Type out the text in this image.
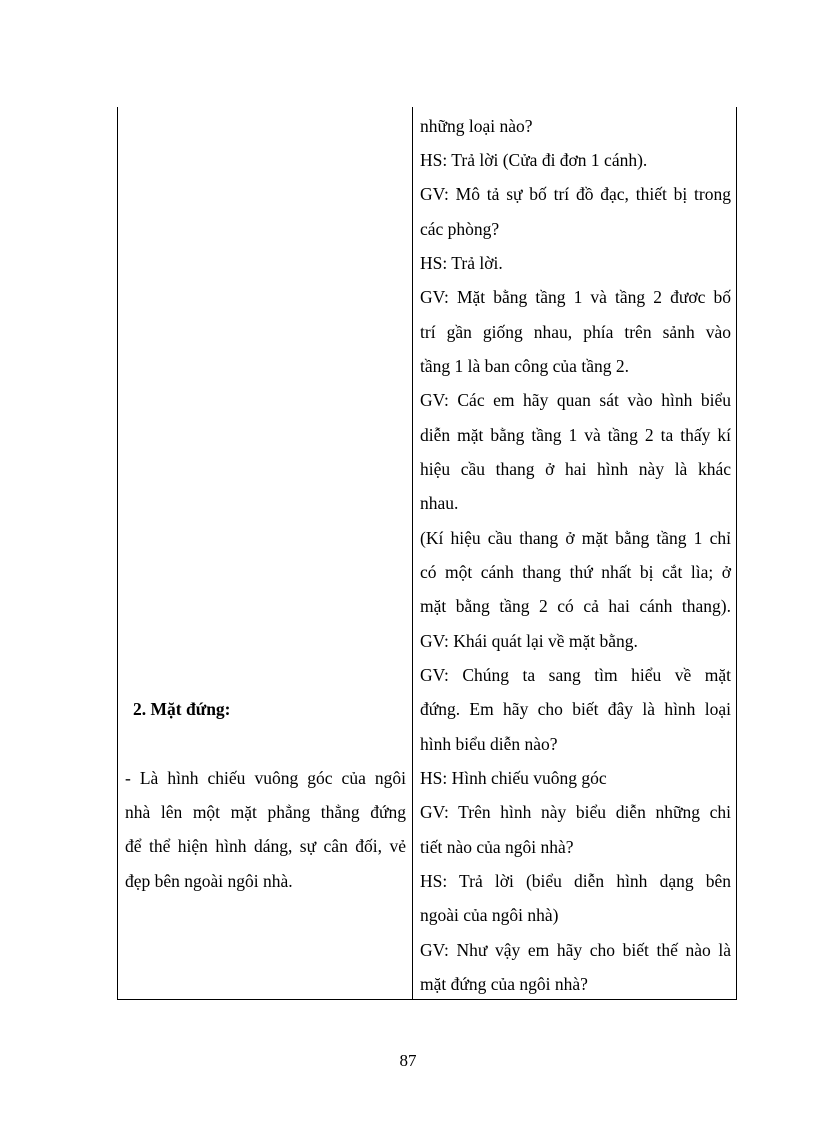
2. Mặt đứng:
- Là hình chiếu vuông góc của ngôi
nhà lên một mặt phẳng thẳng đứng
để thể hiện hình dáng, sự cân đối, vẻ
đẹp bên ngoài ngôi nhà.
những loại nào?
HS: Trả lời (Cửa đi đơn 1 cánh).
GV: Mô tả sự bố trí đồ đạc, thiết bị trong
các phòng?
HS: Trả lời.
GV: Mặt bằng tầng 1 và tầng 2 đươc bố
trí gần giống nhau, phía trên sảnh vào
tầng 1 là ban công của tầng 2.
GV: Các em hãy quan sát vào hình biểu
diễn mặt bằng tầng 1 và tầng 2 ta thấy kí
hiệu cầu thang ở hai hình này là khác
nhau.
(Kí hiệu cầu thang ở mặt bằng tầng 1 chỉ
có một cánh thang thứ nhất bị cắt lìa; ở
mặt bằng tầng 2 có cả hai cánh thang).
GV: Khái quát lại về mặt bằng.
GV: Chúng ta sang tìm hiểu về mặt
đứng. Em hãy cho biết đây là hình loại
hình biểu diễn nào?
HS: Hình chiếu vuông góc
GV: Trên hình này biểu diễn những chi
tiết nào của ngôi nhà?
HS: Trả lời (biểu diễn hình dạng bên
ngoài của ngôi nhà)
GV: Như vậy em hãy cho biết thế nào là
mặt đứng của ngôi nhà?
87
